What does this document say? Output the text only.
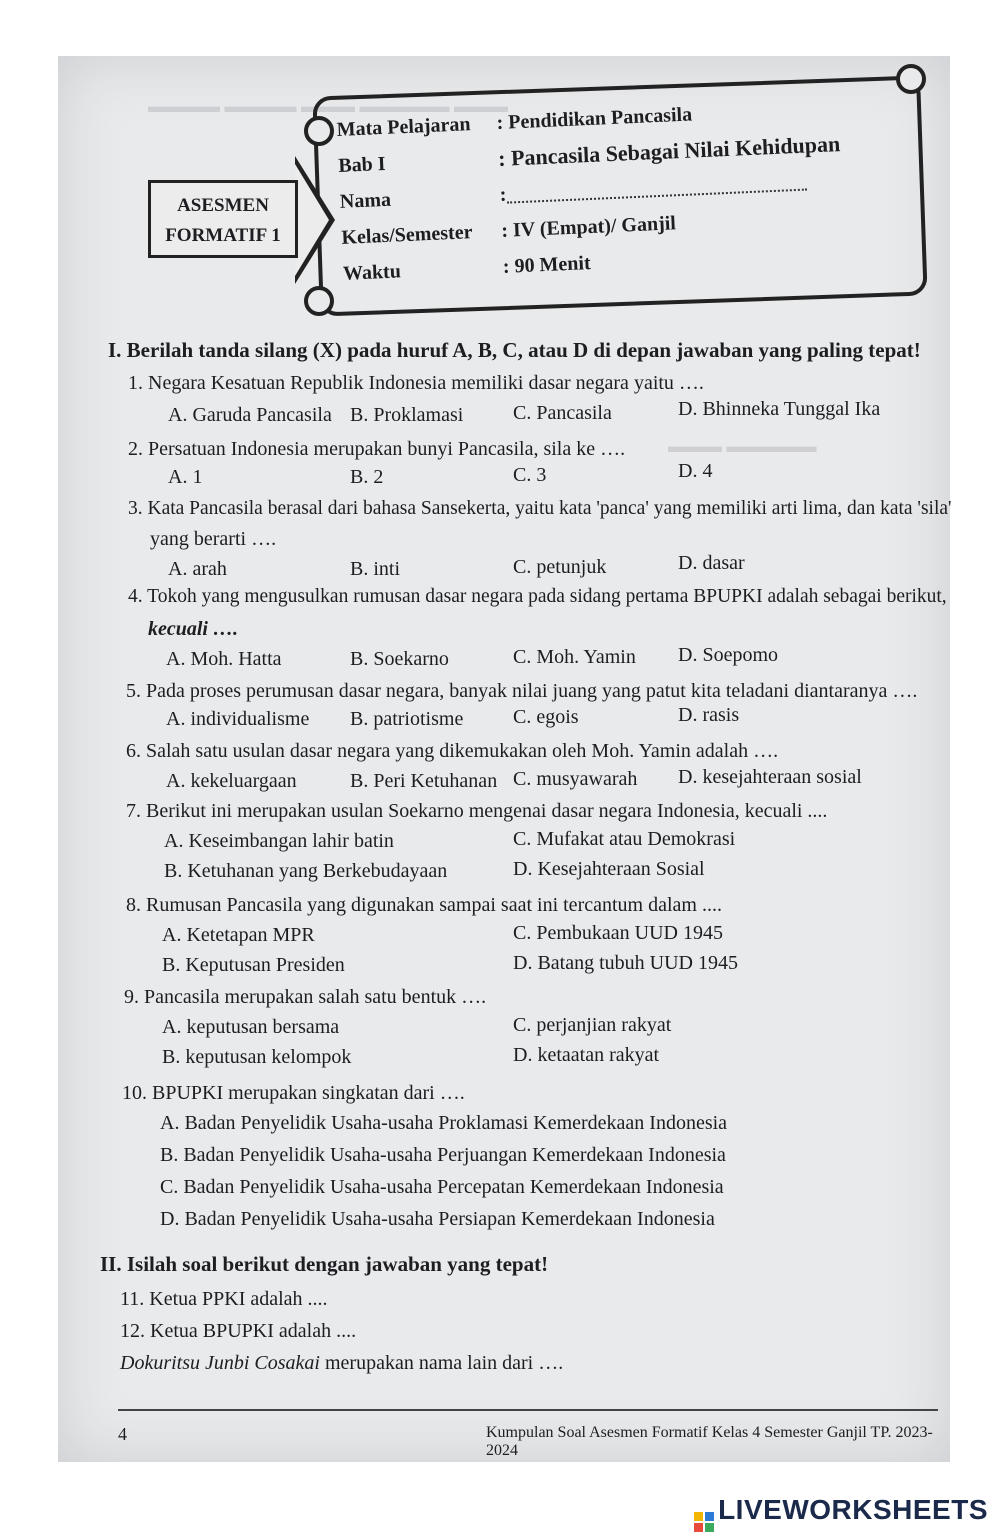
▬▬▬▬ ▬▬▬▬ ▬▬▬ ▬▬▬▬▬ ▬▬▬
▬▬▬ ▬▬▬▬▬
ASESMEN
FORMATIF 1
Mata Pelajaran	: Pendidikan Pancasila
Bab I	: Pancasila Sebagai Nilai Kehidupan
Nama	:
Kelas/Semester	: IV (Empat)/ Ganjil
Waktu	: 90 Menit
I. Berilah tanda silang (X) pada huruf A, B, C, atau D di depan jawaban yang paling tepat!
1. Negara Kesatuan Republik Indonesia memiliki dasar negara yaitu ….
A. Garuda Pancasila B. Proklamasi C. Pancasila	D. Bhinneka Tunggal Ika
2. Persatuan Indonesia merupakan bunyi Pancasila, sila ke ….
A. 1	B. 2	C. 3	D. 4
3. Kata Pancasila berasal dari bahasa Sansekerta, yaitu kata 'panca' yang memiliki arti lima, dan kata 'sila'
yang berarti ….
A. arah	B. inti	C. petunjuk	D. dasar
4. Tokoh yang mengusulkan rumusan dasar negara pada sidang pertama BPUPKI adalah sebagai berikut,
kecuali ….
A. Moh. Hatta	B. Soekarno	C. Moh. Yamin D. Soepomo
5. Pada proses perumusan dasar negara, banyak nilai juang yang patut kita teladani diantaranya ….
A. individualisme B. patriotisme C. egois	D. rasis
6. Salah satu usulan dasar negara yang dikemukakan oleh Moh. Yamin adalah ….
A. kekeluargaan	B. Peri Ketuhanan C. musyawarah D. kesejahteraan sosial
7. Berikut ini merupakan usulan Soekarno mengenai dasar negara Indonesia, kecuali ....
A. Keseimbangan lahir batin	C. Mufakat atau Demokrasi
B. Ketuhanan yang Berkebudayaan	D. Kesejahteraan Sosial
8. Rumusan Pancasila yang digunakan sampai saat ini tercantum dalam ....
A. Ketetapan MPR	C. Pembukaan UUD 1945
B. Keputusan Presiden	D. Batang tubuh UUD 1945
9. Pancasila merupakan salah satu bentuk ….
A. keputusan bersama	C. perjanjian rakyat
B. keputusan kelompok	D. ketaatan rakyat
10. BPUPKI merupakan singkatan dari ….
A. Badan Penyelidik Usaha-usaha Proklamasi Kemerdekaan Indonesia
B. Badan Penyelidik Usaha-usaha Perjuangan Kemerdekaan Indonesia
C. Badan Penyelidik Usaha-usaha Percepatan Kemerdekaan Indonesia
D. Badan Penyelidik Usaha-usaha Persiapan Kemerdekaan Indonesia
II. Isilah soal berikut dengan jawaban yang tepat!
11. Ketua PPKI adalah ....
12. Ketua BPUPKI adalah ....
Dokuritsu Junbi Cosakai merupakan nama lain dari ….
4	Kumpulan Soal Asesmen Formatif Kelas 4 Semester Ganjil TP. 2023-2024
LIVEWORKSHEETS
